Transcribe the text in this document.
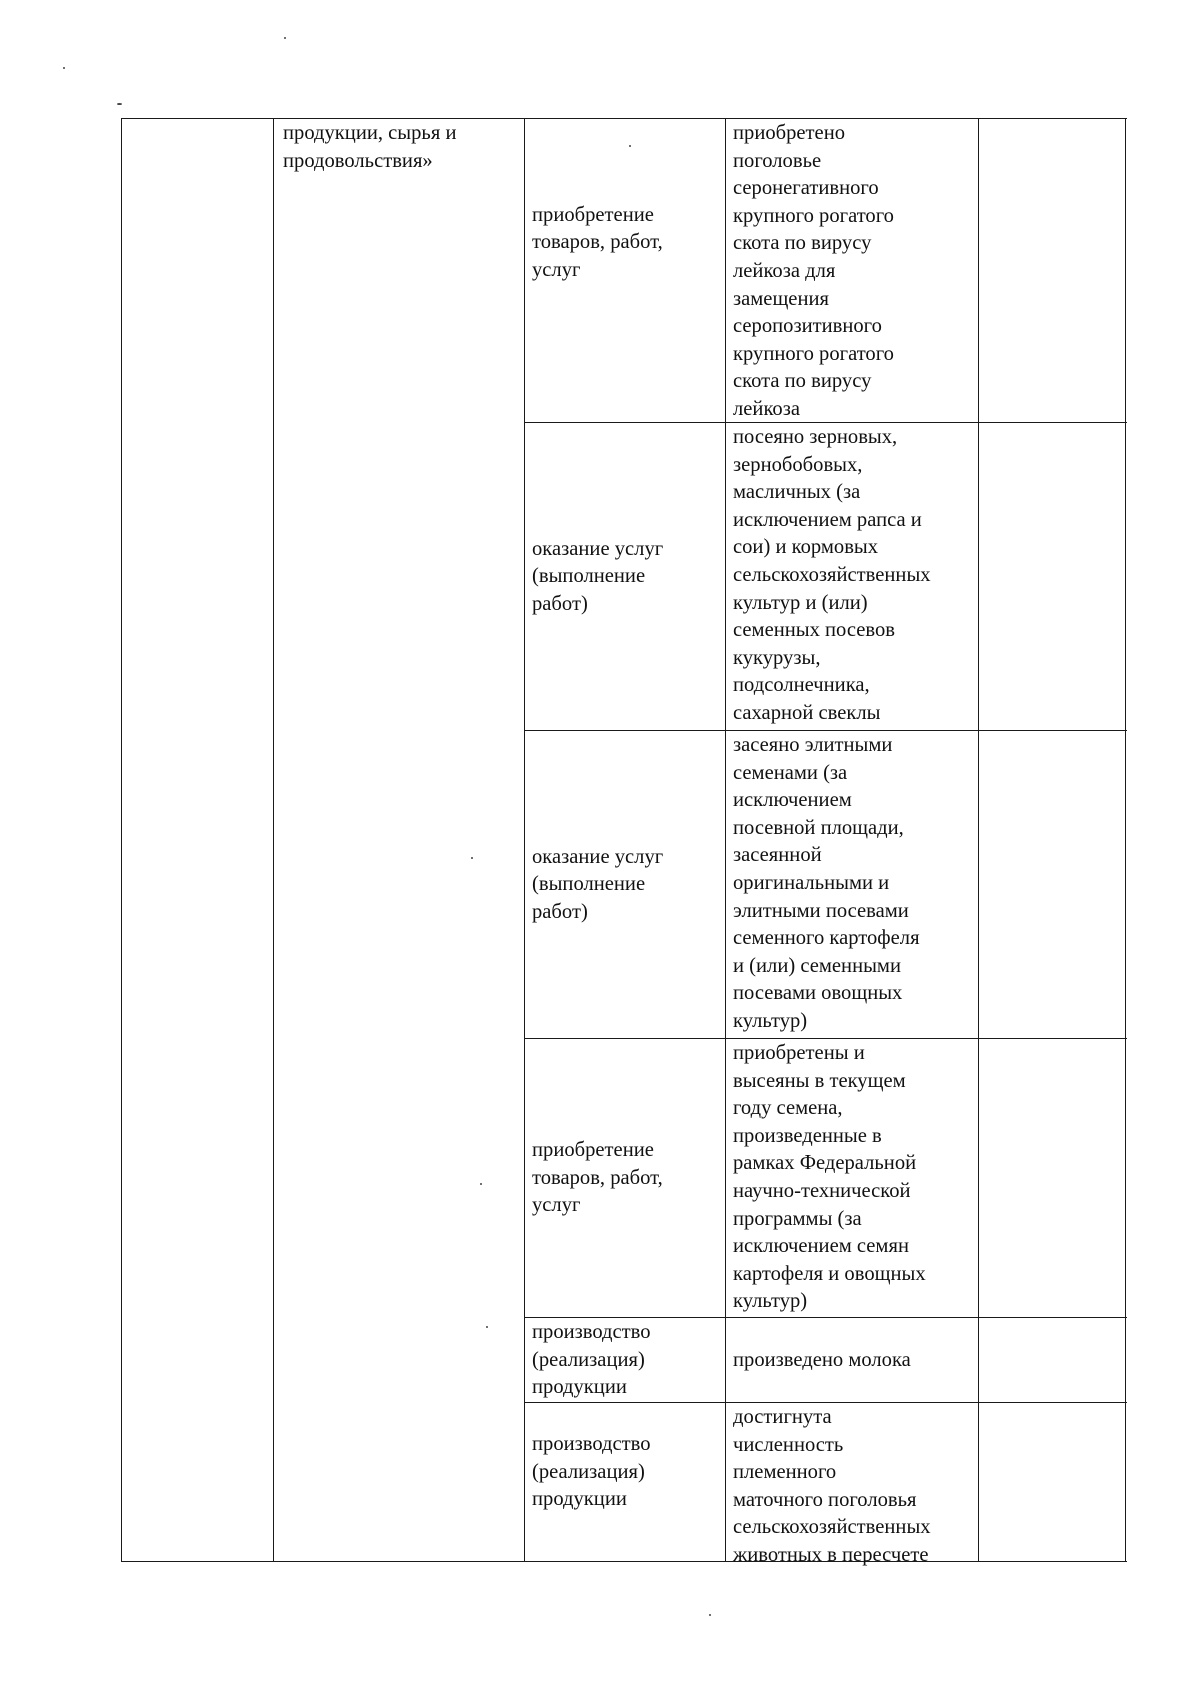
продукции, сырья и
продовольствия»
приобретение
товаров, работ,
услуг
приобретено
поголовье
серонегативного
крупного рогатого
скота по вирусу
лейкоза для
замещения
серопозитивного
крупного рогатого
скота по вирусу
лейкоза
оказание услуг
(выполнение
работ)
посеяно зерновых,
зернобобовых,
масличных (за
исключением рапса и
сои) и кормовых
сельскохозяйственных
культур и (или)
семенных посевов
кукурузы,
подсолнечника,
сахарной свеклы
оказание услуг
(выполнение
работ)
засеяно элитными
семенами (за
исключением
посевной площади,
засеянной
оригинальными и
элитными посевами
семенного картофеля
и (или) семенными
посевами овощных
культур)
приобретение
товаров, работ,
услуг
приобретены и
высеяны в текущем
году семена,
произведенные в
рамках Федеральной
научно-технической
программы (за
исключением семян
картофеля и овощных
культур)
производство
(реализация)
продукции
произведено молока
производство
(реализация)
продукции
достигнута
численность
племенного
маточного поголовья
сельскохозяйственных
животных в пересчете
